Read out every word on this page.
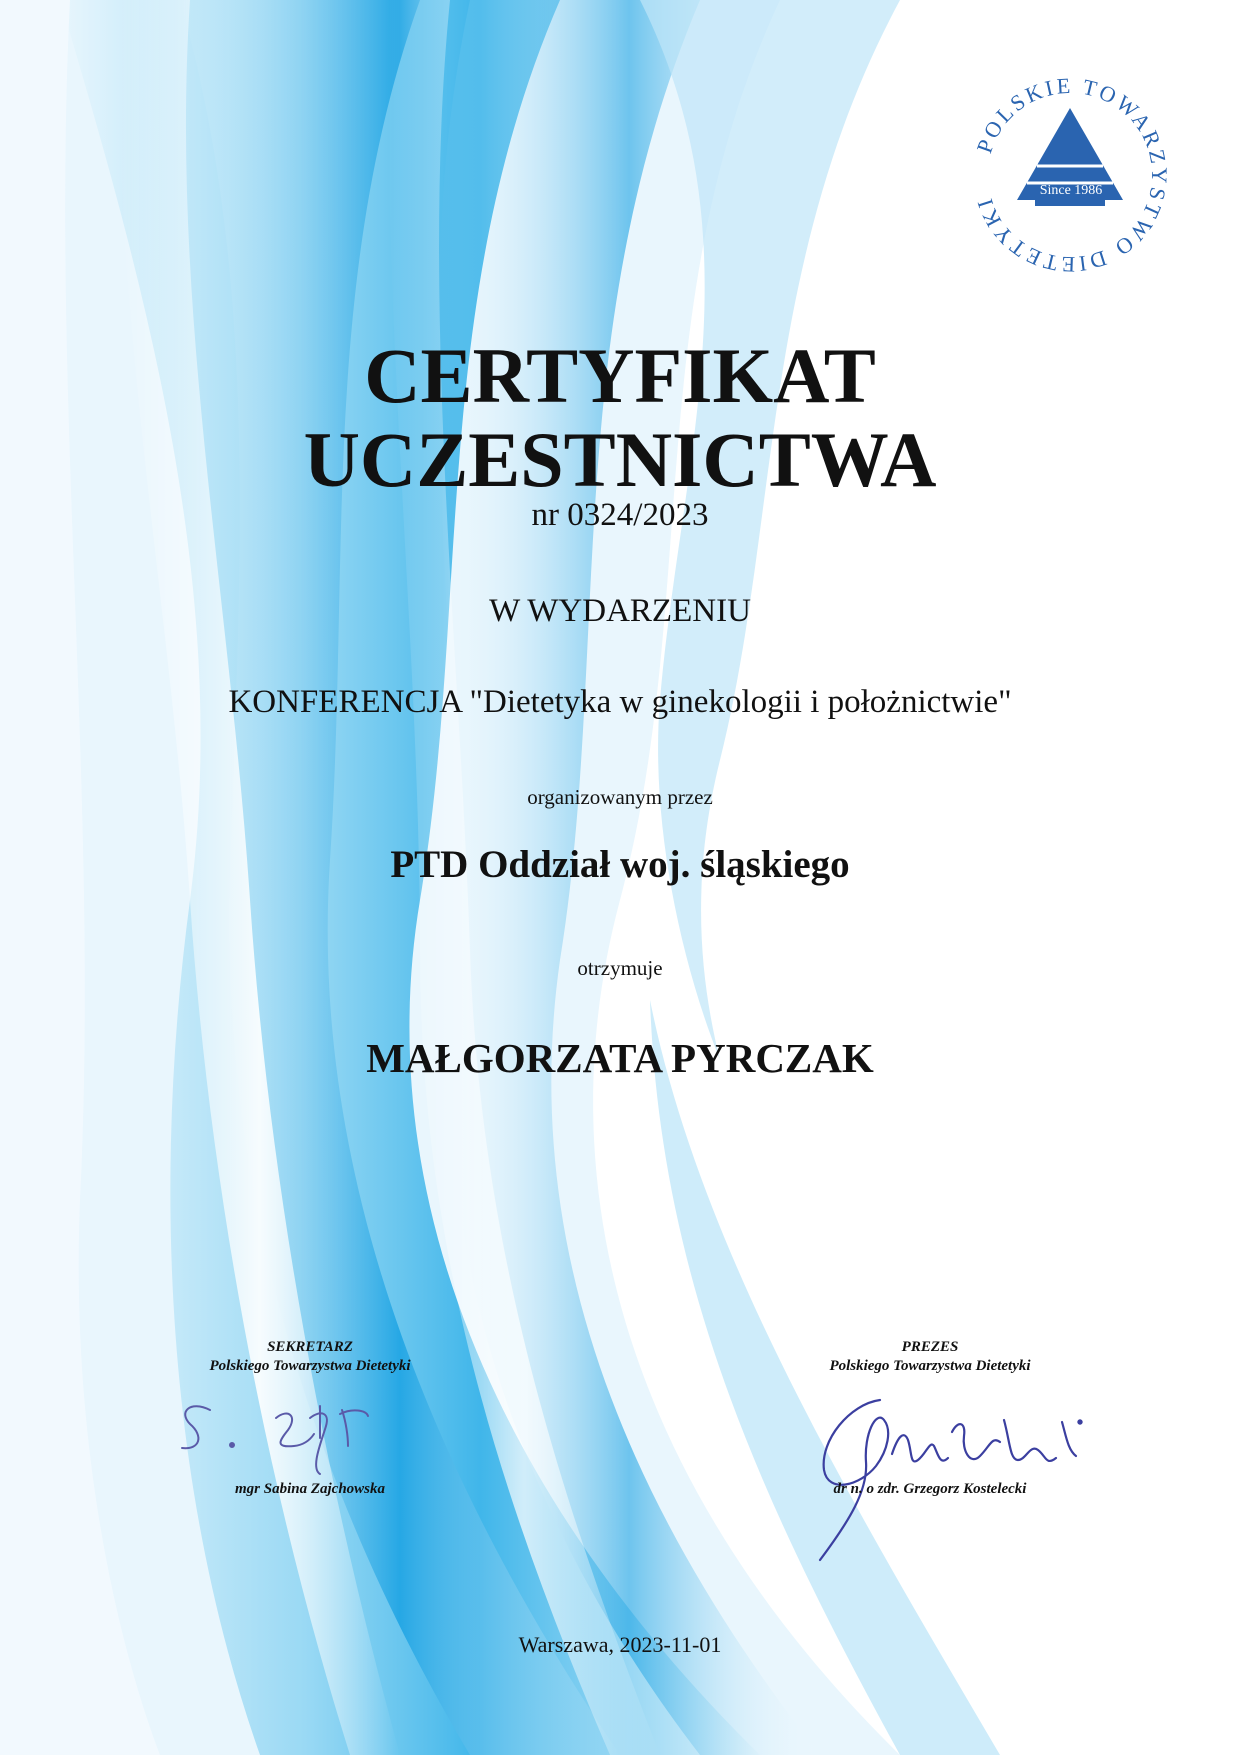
POLSKIE TOWARZYSTWO DIETETYKI
Since 1986
CERTYFIKAT
UCZESTNICTWA
nr 0324/2023
W WYDARZENIU
KONFERENCJA "Dietetyka w ginekologii i położnictwie"
organizowanym przez
PTD Oddział woj. śląskiego
otrzymuje
MAŁGORZATA PYRCZAK
SEKRETARZ
Polskiego Towarzystwa Dietetyki
mgr Sabina Zajchowska
PREZES
Polskiego Towarzystwa Dietetyki
dr n. o zdr. Grzegorz Kostelecki
Warszawa, 2023-11-01
